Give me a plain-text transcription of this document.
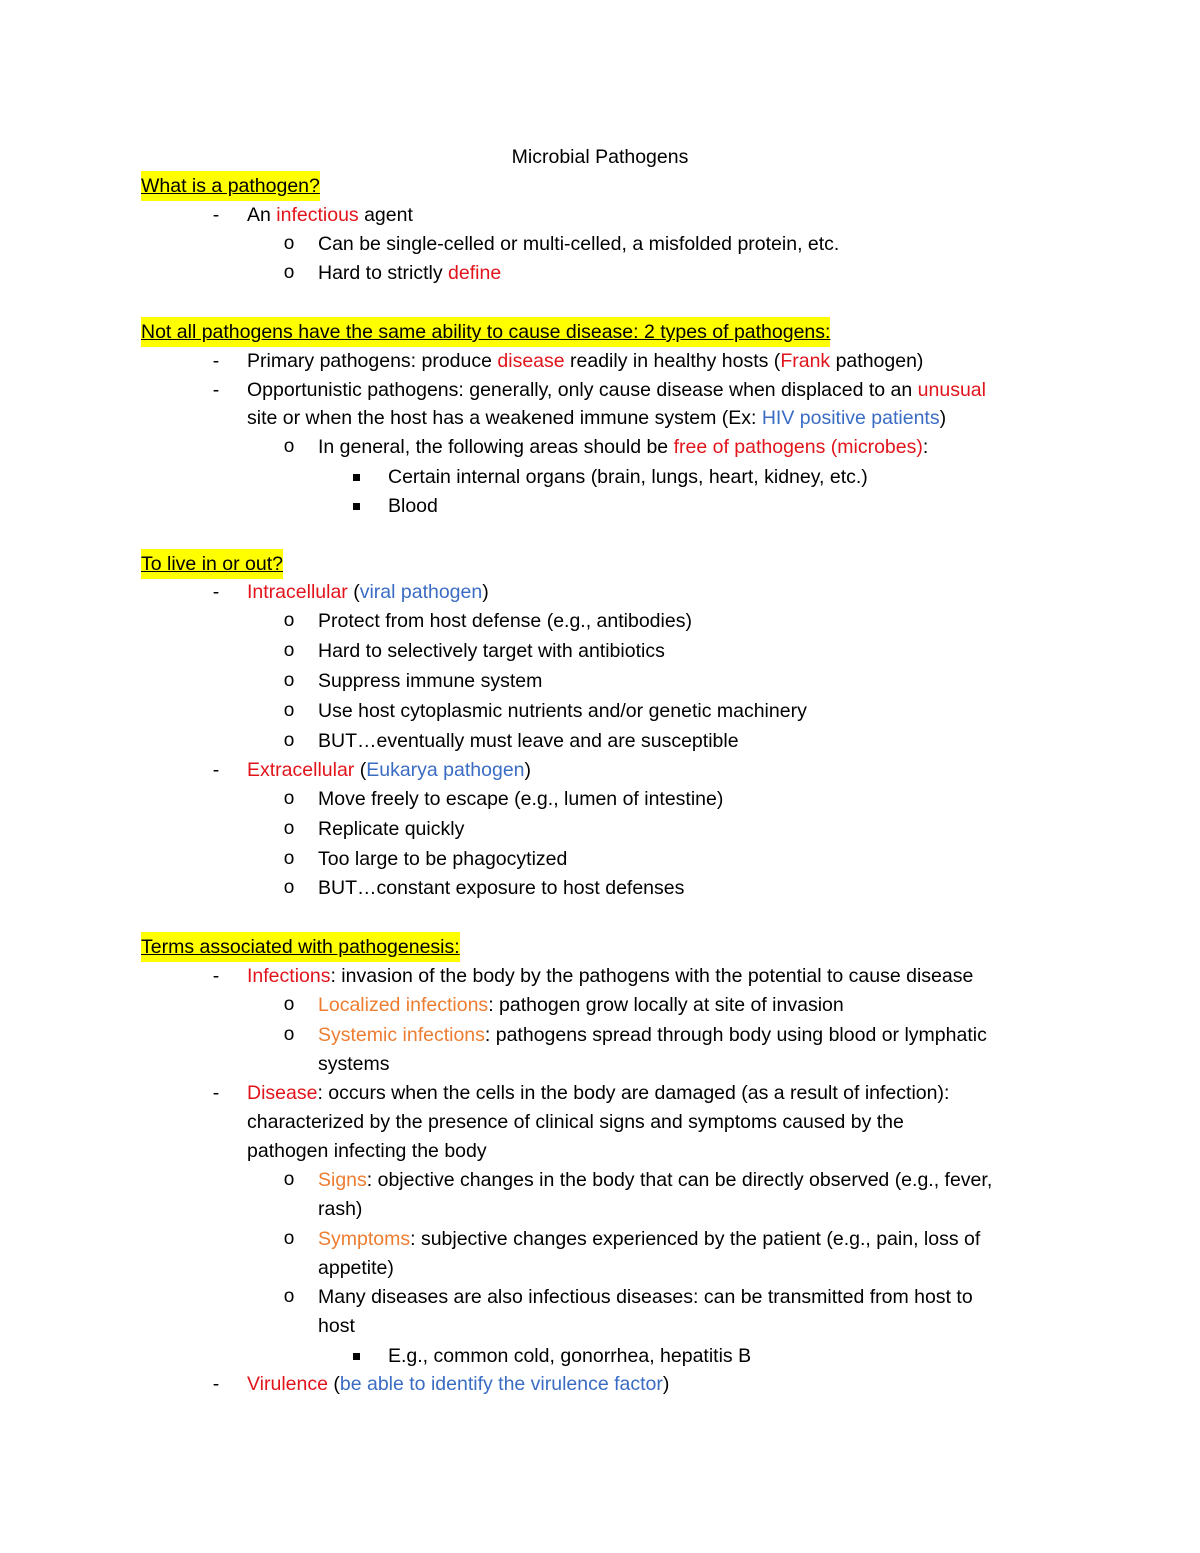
Microbial Pathogens
What is a pathogen?
-	An infectious agent
o Can be single-celled or multi-celled, a misfolded protein, etc.
o Hard to strictly define
Not all pathogens have the same ability to cause disease: 2 types of pathogens:
-	Primary pathogens: produce disease readily in healthy hosts (Frank pathogen)
-	Opportunistic pathogens: generally, only cause disease when displaced to an unusual
site or when the host has a weakened immune system (Ex: HIV positive patients)
o In general, the following areas should be free of pathogens (microbes):
Certain internal organs (brain, lungs, heart, kidney, etc.)
Blood
To live in or out?
-	Intracellular (viral pathogen)
o Protect from host defense (e.g., antibodies)
o Hard to selectively target with antibiotics
o Suppress immune system
o Use host cytoplasmic nutrients and/or genetic machinery
o BUT…eventually must leave and are susceptible
-	Extracellular (Eukarya pathogen)
o Move freely to escape (e.g., lumen of intestine)
o Replicate quickly
o Too large to be phagocytized
o BUT…constant exposure to host defenses
Terms associated with pathogenesis:
-	Infections: invasion of the body by the pathogens with the potential to cause disease
o Localized infections: pathogen grow locally at site of invasion
o Systemic infections: pathogens spread through body using blood or lymphatic
systems
-	Disease: occurs when the cells in the body are damaged (as a result of infection):
characterized by the presence of clinical signs and symptoms caused by the
pathogen infecting the body
o Signs: objective changes in the body that can be directly observed (e.g., fever,
rash)
o Symptoms: subjective changes experienced by the patient (e.g., pain, loss of
appetite)
o Many diseases are also infectious diseases: can be transmitted from host to
host
E.g., common cold, gonorrhea, hepatitis B
-	Virulence (be able to identify the virulence factor)
